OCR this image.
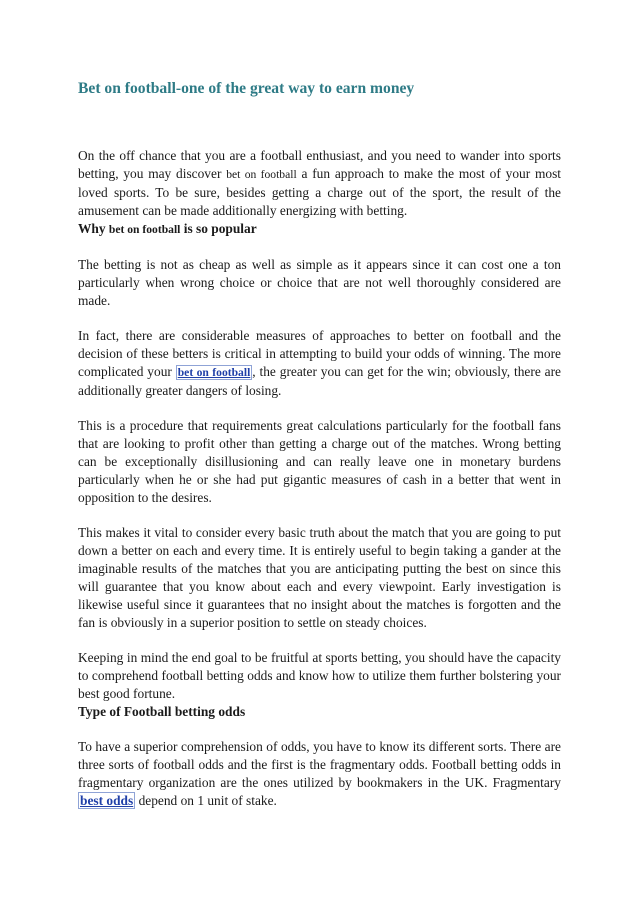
Bet on football-one of the great way to earn money

On the off chance that you are a football enthusiast, and you need to wander into sports betting, you may discover bet on football a fun approach to make the most of your most loved sports. To be sure, besides getting a charge out of the sport, the result of the amusement can be made additionally energizing with betting.

Why bet on football is so popular

The betting is not as cheap as well as simple as it appears since it can cost one a ton particularly when wrong choice or choice that are not well thoroughly considered are made.

In fact, there are considerable measures of approaches to better on football and the decision of these betters is critical in attempting to build your odds of winning. The more complicated your bet on football , the greater you can get for the win; obviously, there are additionally greater dangers of losing.

This is a procedure that requirements great calculations particularly for the football fans that are looking to profit other than getting a charge out of the matches. Wrong betting can be exceptionally disillusioning and can really leave one in monetary burdens particularly when he or she had put gigantic measures of cash in a better that went in opposition to the desires.

This makes it vital to consider every basic truth about the match that you are going to put down a better on each and every time. It is entirely useful to begin taking a gander at the imaginable results of the matches that you are anticipating putting the best on since this will guarantee that you know about each and every viewpoint. Early investigation is likewise useful since it guarantees that no insight about the matches is forgotten and the fan is obviously in a superior position to settle on steady choices.

Keeping in mind the end goal to be fruitful at sports betting, you should have the capacity to comprehend football betting odds and know how to utilize them further bolstering your best good fortune.

Type of Football betting odds

To have a superior comprehension of odds, you have to know its different sorts. There are three sorts of football odds and the first is the fragmentary odds. Football betting odds in fragmentary organization are the ones utilized by bookmakers in the UK. Fragmentary best odds depend on 1 unit of stake.
